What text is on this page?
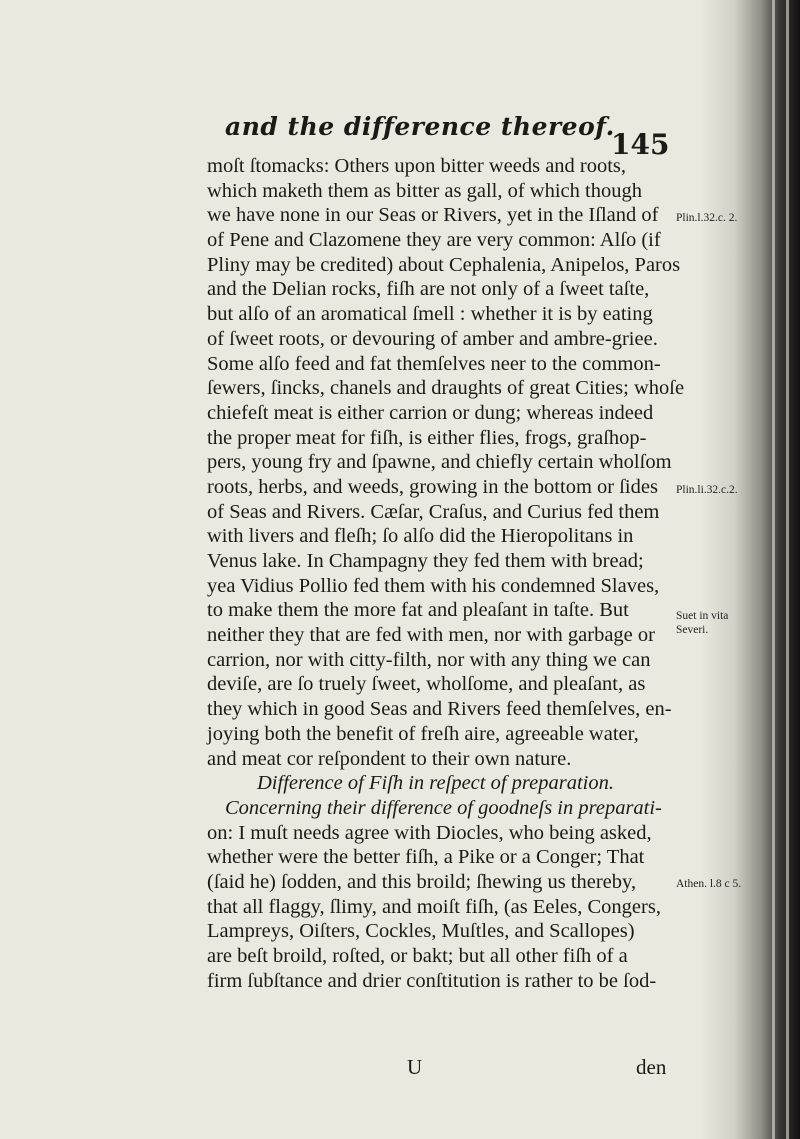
and the difference thereof.
145
moſt ſtomacks: Others upon bitter weeds and roots,
which maketh them as bitter as gall, of which though
we have none in our Seas or Rivers, yet in the Iſland of
of Pene and Clazomene they are very common: Alſo (if
Pliny may be credited) about Cephalenia, Anipelos, Paros
and the Delian rocks, fiſh are not only of a ſweet taſte,
but alſo of an aromatical ſmell : whether it is by eating
of ſweet roots, or devouring of amber and ambre-griee.
Some alſo feed and fat themſelves neer to the common-
ſewers, ſincks, chanels and draughts of great Cities; whoſe
chiefeſt meat is either carrion or dung; whereas indeed
the proper meat for fiſh, is either flies, frogs, graſhop-
pers, young fry and ſpawne, and chiefly certain wholſom
roots, herbs, and weeds, growing in the bottom or ſides
of Seas and Rivers. Cæſar, Craſus, and Curius fed them
with livers and fleſh; ſo alſo did the Hieropolitans in
Venus lake. In Champagny they fed them with bread;
yea Vidius Pollio fed them with his condemned Slaves,
to make them the more fat and pleaſant in taſte. But
neither they that are fed with men, nor with garbage or
carrion, nor with citty-filth, nor with any thing we can
deviſe, are ſo truely ſweet, wholſome, and pleaſant, as
they which in good Seas and Rivers feed themſelves, en-
joying both the benefit of freſh aire, agreeable water,
and meat cor reſpondent to their own nature.
Difference of Fiſh in reſpect of preparation.
Concerning their difference of goodneſs in preparati-
on: I muſt needs agree with Diocles, who being asked,
whether were the better fiſh, a Pike or a Conger; That
(ſaid he) ſodden, and this broild; ſhewing us thereby,
that all flaggy, ſlimy, and moiſt fiſh, (as Eeles, Congers,
Lampreys, Oiſters, Cockles, Muſtles, and Scallopes)
are beſt broild, roſted, or bakt; but all other fiſh of a
firm ſubſtance and drier conſtitution is rather to be ſod-
Plin.l.32.c. 2.
Plin.li.32.c.2.
Suet in vita
Severi.
Athen. l.8 c 5.
U	den
